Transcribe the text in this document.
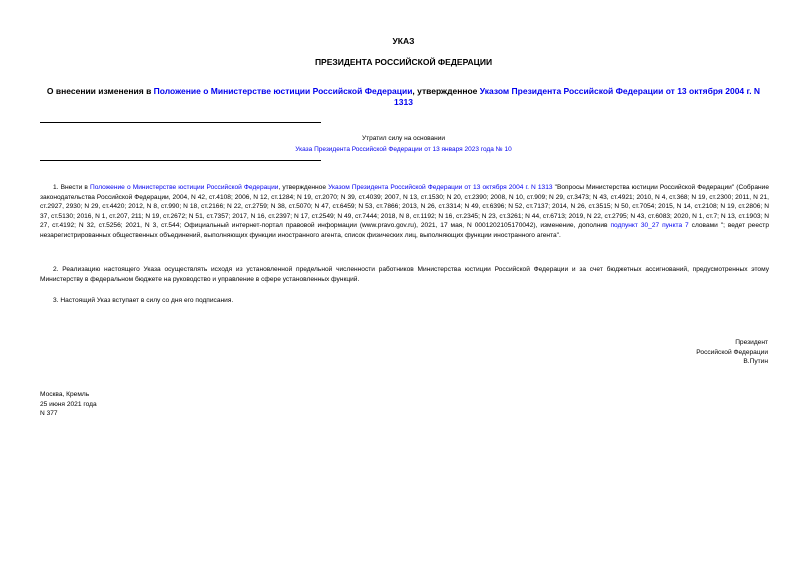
УКАЗ
ПРЕЗИДЕНТА РОССИЙСКОЙ ФЕДЕРАЦИИ
О внесении изменения в Положение о Министерстве юстиции Российской Федерации, утвержденное Указом Президента Российской Федерации от 13 октября 2004 г. N 1313
Утратил силу на основании
Указа Президента Российской Федерации от 13 января 2023 года № 10
1. Внести в Положение о Министерстве юстиции Российской Федерации, утвержденное Указом Президента Российской Федерации от 13 октября 2004 г. N 1313 "Вопросы Министерства юстиции Российской Федерации" (Собрание законодательства Российской Федерации, 2004, N 42, ст.4108; 2006, N 12, ст.1284; N 19, ст.2070; N 39, ст.4039; 2007, N 13, ст.1530; N 20, ст.2390; 2008, N 10, ст.909; N 29, ст.3473; N 43, ст.4921; 2010, N 4, ст.368; N 19, ст.2300; 2011, N 21, ст.2927, 2930; N 29, ст.4420; 2012, N 8, ст.990; N 18, ст.2166; N 22, ст.2759; N 38, ст.5070; N 47, ст.6459; N 53, ст.7866; 2013, N 26, ст.3314; N 49, ст.6396; N 52, ст.7137; 2014, N 26, ст.3515; N 50, ст.7054; 2015, N 14, ст.2108; N 19, ст.2806; N 37, ст.5130; 2016, N 1, ст.207, 211; N 19, ст.2672; N 51, ст.7357; 2017, N 16, ст.2397; N 17, ст.2549; N 49, ст.7444; 2018, N 8, ст.1192; N 16, ст.2345; N 23, ст.3261; N 44, ст.6713; 2019, N 22, ст.2795; N 43, ст.6083; 2020, N 1, ст.7; N 13, ст.1903; N 27, ст.4192; N 32, ст.5256; 2021, N 3, ст.544; Официальный интернет-портал правовой информации (www.pravo.gov.ru), 2021, 17 мая, N 0001202105170042), изменение, дополнив подпункт 30_27 пункта 7 словами "; ведет реестр незарегистрированных общественных объединений, выполняющих функции иностранного агента, список физических лиц, выполняющих функции иностранного агента".
2. Реализацию настоящего Указа осуществлять исходя из установленной предельной численности работников Министерства юстиции Российской Федерации и за счет бюджетных ассигнований, предусмотренных этому Министерству в федеральном бюджете на руководство и управление в сфере установленных функций.
3. Настоящий Указ вступает в силу со дня его подписания.
Президент
Российской Федерации
В.Путин
Москва, Кремль
25 июня 2021 года
N 377
